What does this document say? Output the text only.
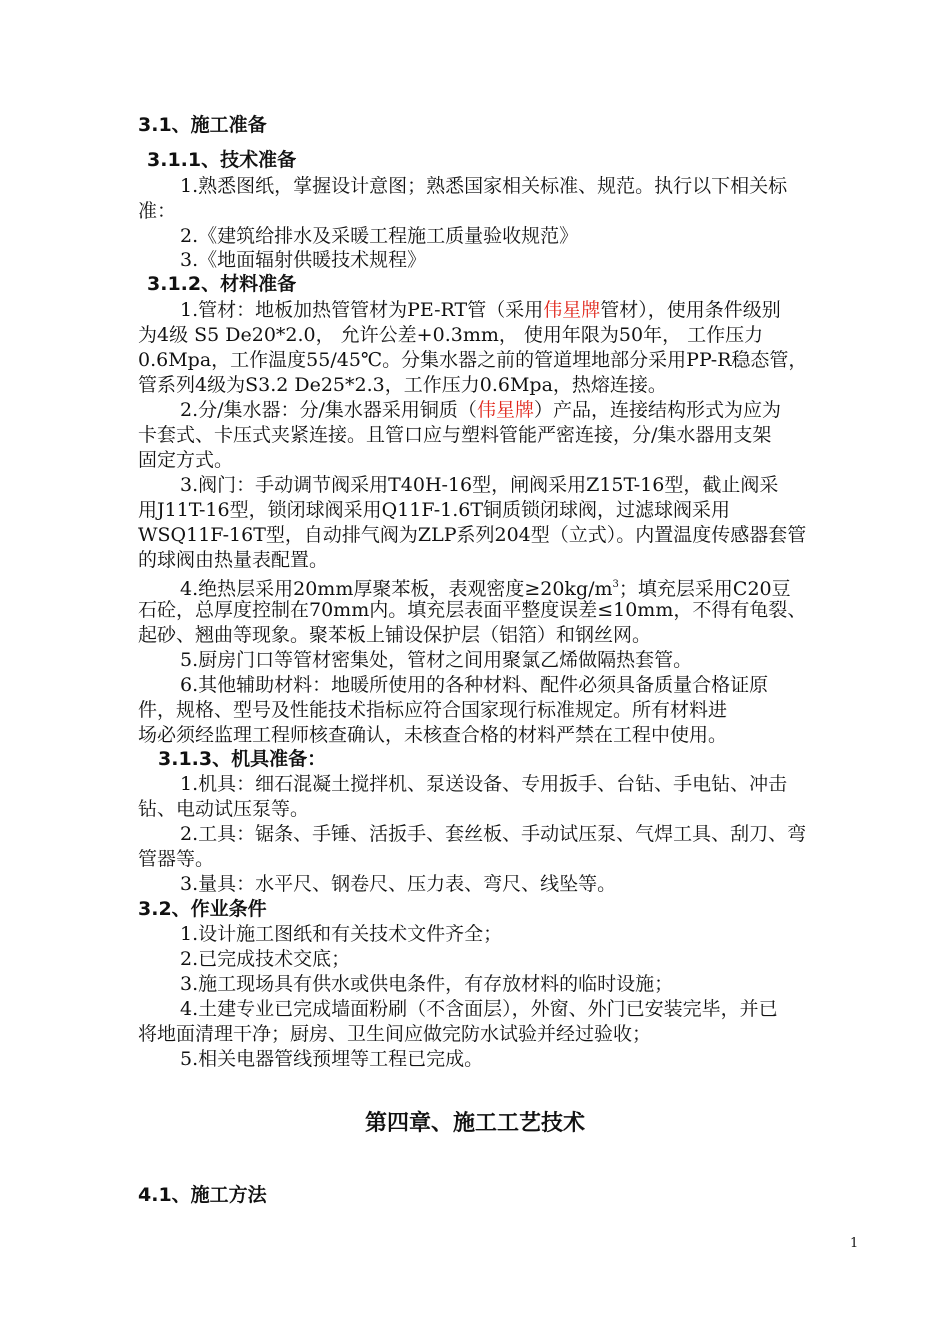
3.1、施工准备
3.1.1、技术准备
1.熟悉图纸，掌握设计意图；熟悉国家相关标准、规范。执行以下相关标
准：
2.《建筑给排水及采暖工程施工质量验收规范》
3.《地面辐射供暖技术规程》
3.1.2、材料准备
1.管材：地板加热管管材为PE-RT管（采用伟星牌管材），使用条件级别
为4级 S5 De20*2.0， 允许公差+0.3mm， 使用年限为50年， 工作压力
0.6Mpa，工作温度55/45℃。分集水器之前的管道埋地部分采用PP-R稳态管，
管系列4级为S3.2 De25*2.3，工作压力0.6Mpa，热熔连接。
2.分/集水器：分/集水器采用铜质（伟星牌）产品，连接结构形式为应为
卡套式、卡压式夹紧连接。且管口应与塑料管能严密连接，分/集水器用支架
固定方式。
3.阀门：手动调节阀采用T40H-16型，闸阀采用Z15T-16型，截止阀采
用J11T-16型，锁闭球阀采用Q11F-1.6T铜质锁闭球阀，过滤球阀采用
WSQ11F-16T型，自动排气阀为ZLP系列204型（立式）。内置温度传感器套管
的球阀由热量表配置。
4.绝热层采用20mm厚聚苯板，表观密度$\ge 20kg/m^3$；填充层采用C20豆
石砼，总厚度控制在70mm内。填充层表面平整度误差≤10mm，不得有龟裂、
起砂、翘曲等现象。聚苯板上铺设保护层（铝箔）和钢丝网。
5.厨房门口等管材密集处，管材之间用聚氯乙烯做隔热套管。
6.其他辅助材料：地暖所使用的各种材料、配件必须具备质量合格证原
件，规格、型号及性能技术指标应符合国家现行标准规定。所有材料进
场必须经监理工程师核查确认，未核查合格的材料严禁在工程中使用。
3.1.3、机具准备：
1.机具：细石混凝土搅拌机、泵送设备、专用扳手、台钻、手电钻、冲击
钻、电动试压泵等。
2.工具：锯条、手锤、活扳手、套丝板、手动试压泵、气焊工具、刮刀、弯
管器等。
3.量具：水平尺、钢卷尺、压力表、弯尺、线坠等。
3.2、作业条件
1.设计施工图纸和有关技术文件齐全；
2.已完成技术交底；
3.施工现场具有供水或供电条件，有存放材料的临时设施；
4.土建专业已完成墙面粉刷（不含面层），外窗、外门已安装完毕，并已
将地面清理干净；厨房、卫生间应做完防水试验并经过验收；
5.相关电器管线预埋等工程已完成。
第四章、施工工艺技术
4.1、施工方法
1
